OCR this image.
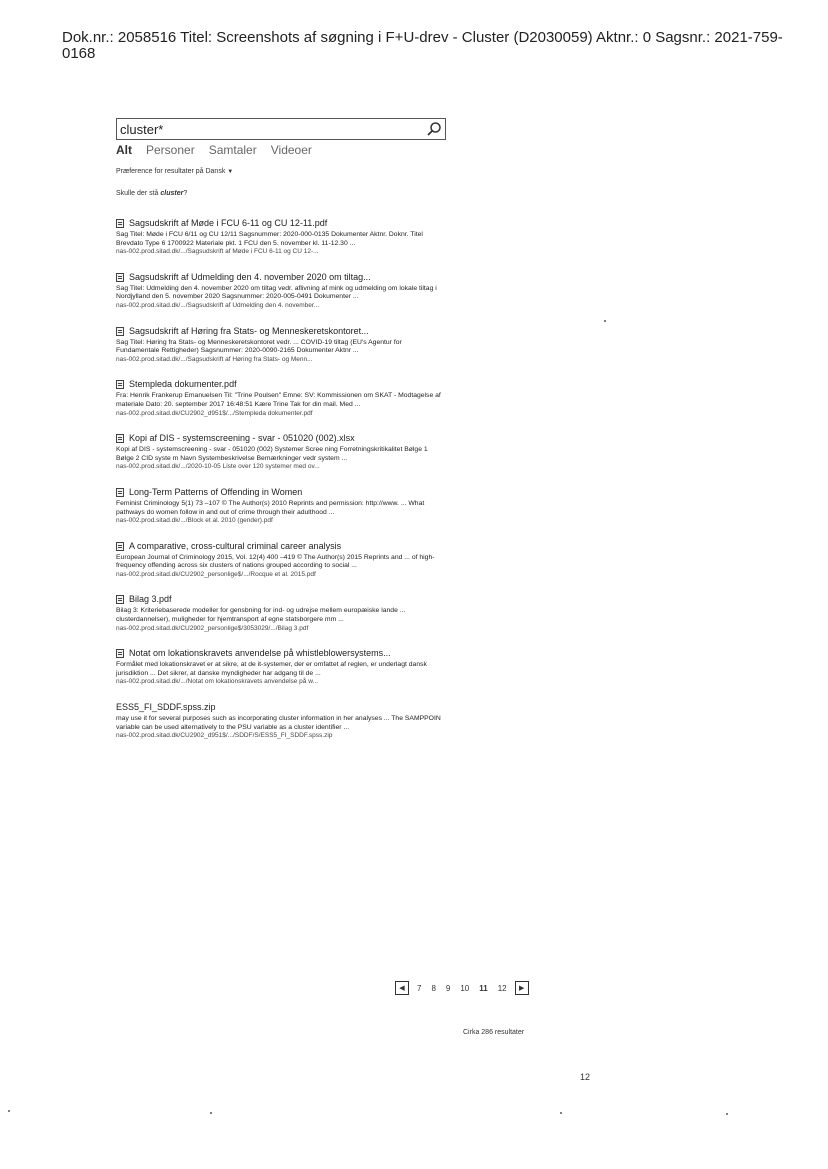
Dok.nr.: 2058516 Titel: Screenshots af søgning i F+U-drev - Cluster (D2030059) Aktnr.: 0 Sagsnr.: 2021-759-0168
cluster*
Alt Personer Samtaler Videoer
Præference for resultater på Dansk ▼
Skulle der stå cluster?
Sagsudskrift af Møde i FCU 6-11 og CU 12-11.pdf
Sag Titel: Møde i FCU 6/11 og CU 12/11 Sagsnummer: 2020-000-0135 Dokumenter Aktnr. Doknr. Titel Brevdato Type 6 1700922 Materiale pkt. 1 FCU den 5. november kl. 11-12.30 ...
nas-002.prod.sitad.dk/.../Sagsudskrift af Møde i FCU 6-11 og CU 12-...
Sagsudskrift af Udmelding den 4. november 2020 om tiltag...
Sag Titel: Udmelding den 4. november 2020 om tiltag vedr. aflivning af mink og udmelding om lokale tiltag i Nordjylland den 5. november 2020 Sagsnummer: 2020-005-0491 Dokumenter ...
nas-002.prod.sitad.dk/.../Sagsudskrift af Udmelding den 4. november...
Sagsudskrift af Høring fra Stats- og Menneskeretskontoret...
Sag Titel: Høring fra Stats- og Menneskeretskontoret vedr. ... COVID-19 tiltag (EU's Agentur for Fundamentale Rettigheder) Sagsnummer: 2020-0090-2165 Dokumenter Aktnr ...
nas-002.prod.sitad.dk/.../Sagsudskrift af Høring fra Stats- og Menn...
Stempleda dokumenter.pdf
Fra: Henrik Frankerup Emanuelsen Til: "Trine Poulsen" Emne: SV: Kommissionen om SKAT - Modtagelse af materiale Dato: 20. september 2017 16:48:51 Kære Trine Tak for din mail. Med ...
nas-002.prod.sitad.dk/CU2902_d951$/.../Stempleda dokumenter.pdf
Kopi af DIS - systemscreening - svar - 051020 (002).xlsx
Kopi af DIS - systemscreening - svar - 051020 (002) Systemer Scree ning Forretningskritikalitet Bølge 1 Bølge 2 CID syste m Navn Systembeskrivelse Bemærkninger vedr system ...
nas-002.prod.sitad.dk/.../2020-10-05 Liste over 120 systemer med ov...
Long-Term Patterns of Offending in Women
Feminist Criminology 5(1) 73 –107 © The Author(s) 2010 Reprints and permission: http://www. ... What pathways do women follow in and out of crime through their adulthood ...
nas-002.prod.sitad.dk/.../Block et al. 2010 (gender).pdf
A comparative, cross-cultural criminal career analysis
European Journal of Criminology 2015, Vol. 12(4) 400 –419 © The Author(s) 2015 Reprints and ... of high-frequency offending across six clusters of nations grouped according to social ...
nas-002.prod.sitad.dk/CU2902_personlige$/.../Rocque et al. 2015.pdf
Bilag 3.pdf
Bilag 3: Kriteriebaserede modeller for gensbning for ind- og udrejse mellem europæiske lande ... clusterdannelser), muligheder for hjemtransport af egne statsborgere mm ...
nas-002.prod.sitad.dk/CU2902_personlige$/3053029/.../Bilag 3.pdf
Notat om lokationskravets anvendelse på whistleblowersystems...
Formålet med lokationskravet er at sikre, at de it-systemer, der er omfattet af reglen, er underlagt dansk jurisdiktion ... Det sikrer, at danske myndigheder har adgang til de ...
nas-002.prod.sitad.dk/.../Notat om lokationskravets anvendelse på w...
ESS5_FI_SDDF.spss.zip
may use it for several purposes such as incorporating cluster information in her analyses ... The SAMPPOIN variable can be used alternatively to the PSU variable as a cluster identifier ...
nas-002.prod.sitad.dk/CU2902_d951$/.../SDDF/S/ESS5_FI_SDDF.spss.zip
◀	7 8 9 10 11 12	▶
Cirka 286 resultater
12
